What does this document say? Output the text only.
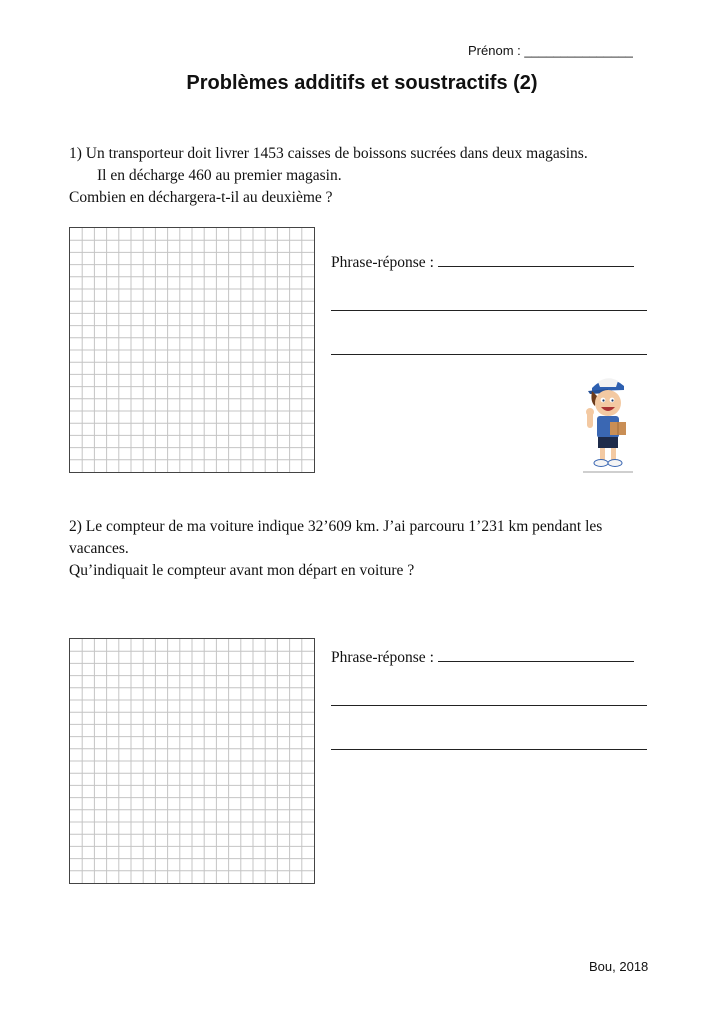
Prénom : _______________
Problèmes additifs et soustractifs (2)

1) Un transporteur doit livrer 1453 caisses de boissons sucrées dans deux magasins.

Il en décharge 460 au premier magasin.

Combien en déchargera-t-il au deuxième ?

Phrase-réponse :

2) Le compteur de ma voiture indique 32’609 km. J’ai parcouru 1’231 km pendant les

vacances.

Qu’indiquait le compteur avant mon départ en voiture ?

Phrase-réponse :
Bou, 2018
